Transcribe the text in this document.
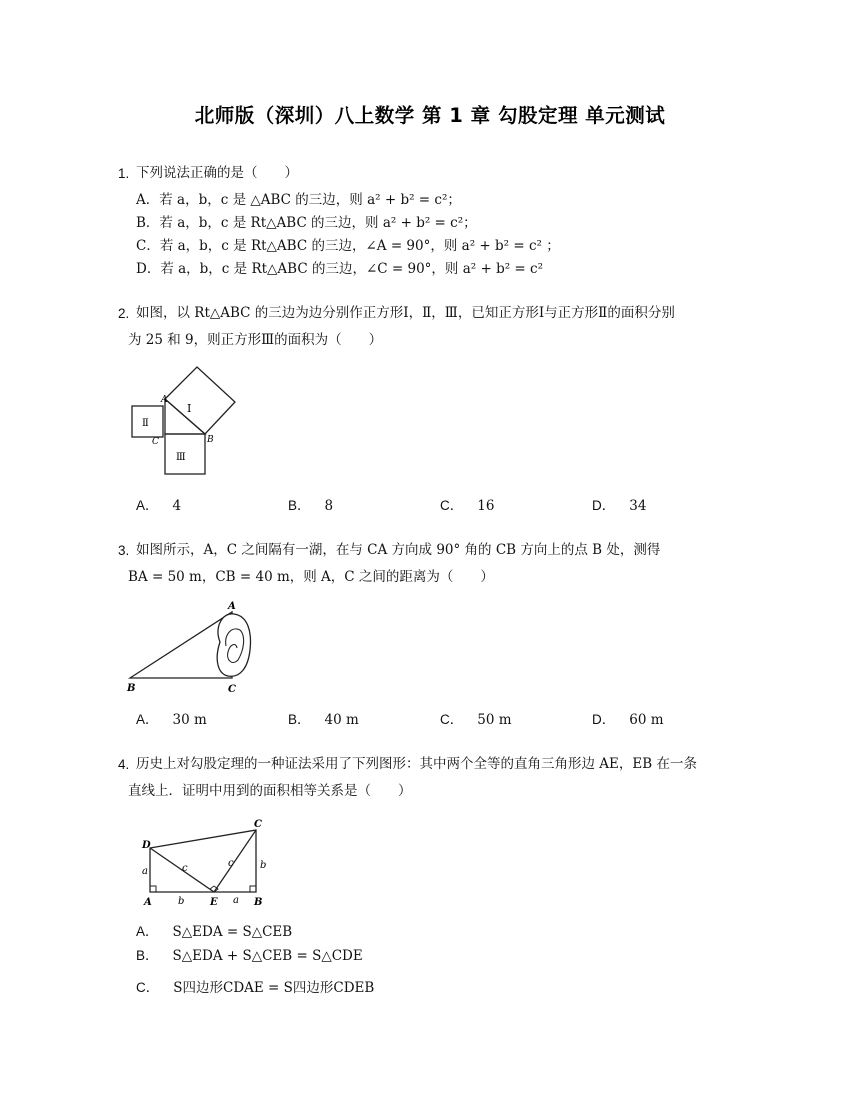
北师版（深圳）八上数学 第 1 章 勾股定理 单元测试
1. 下列说法正确的是（　　）
A．若 a，b，c 是 △ABC 的三边，则 a² + b² = c²；
B．若 a，b，c 是 Rt△ABC 的三边，则 a² + b² = c²；
C．若 a，b，c 是 Rt△ABC 的三边，∠A = 90°，则 a² + b² = c² ；
D．若 a，b，c 是 Rt△ABC 的三边，∠C = 90°，则 a² + b² = c²
2. 如图，以 Rt△ABC 的三边为边分别作正方形Ⅰ，Ⅱ，Ⅲ，已知正方形Ⅰ与正方形Ⅱ的面积分别
为 25 和 9，则正方形Ⅲ的面积为（　　）
A
B
C
Ⅰ
Ⅱ
Ⅲ
A． 4	B． 8	C． 16	D． 34
3. 如图所示，A，C 之间隔有一湖，在与 CA 方向成 90° 角的 CB 方向上的点 B 处，测得
BA = 50 m，CB = 40 m，则 A，C 之间的距离为（　　）
A
B	C
A． 30 m	B． 40 m	C． 50 m	D． 60 m
4. 历史上对勾股定理的一种证法采用了下列图形：其中两个全等的直角三角形边 AE，EB 在一条
直线上．证明中用到的面积相等关系是（　　）
D
C
A	E	B
a
b
c	c	b
a
A． S△EDA = S△CEB
B． S△EDA + S△CEB = S△CDE
C． S四边形CDAE = S四边形CDEB
